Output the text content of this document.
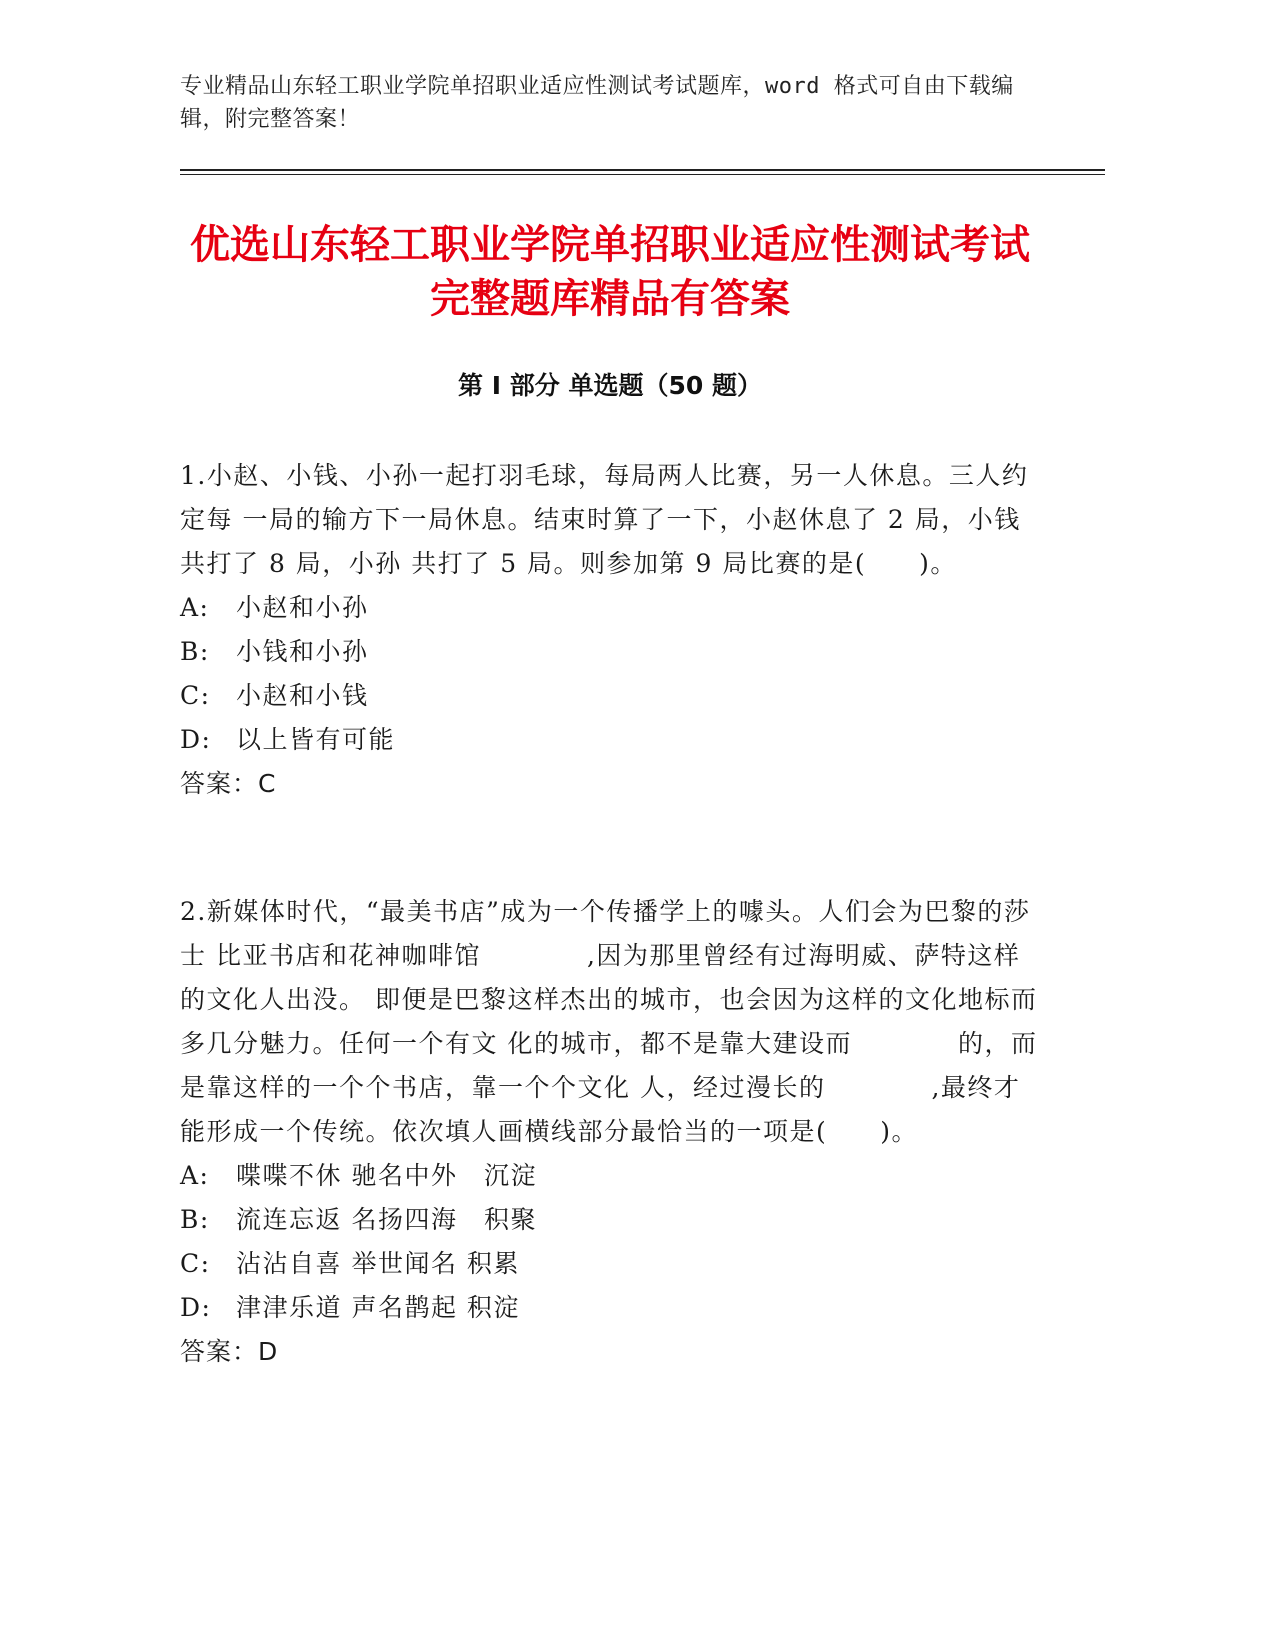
专业精品山东轻工职业学院单招职业适应性测试考试题库，word 格式可自由下载编辑，附完整答案！
优选山东轻工职业学院单招职业适应性测试考试完整题库精品有答案
第 I 部分 单选题（50 题）
1.小赵、小钱、小孙一起打羽毛球，每局两人比赛，另一人休息。三人约定每 一局的输方下一局休息。结束时算了一下，小赵休息了 2 局，小钱共打了 8 局，小孙 共打了 5 局。则参加第 9 局比赛的是(　　)。
A:	小赵和小孙
B:	小钱和小孙
C:	小赵和小钱
D: 以上皆有可能
答案：C
2.新媒体时代，“最美书店”成为一个传播学上的噱头。人们会为巴黎的莎士 比亚书店和花神咖啡馆　　　　,因为那里曾经有过海明威、萨特这样的文化人出没。 即便是巴黎这样杰出的城市，也会因为这样的文化地标而多几分魅力。任何一个有文 化的城市，都不是靠大建设而　　　　的，而是靠这样的一个个书店，靠一个个文化 人，经过漫长的　　　　,最终才能形成一个传统。依次填人画横线部分最恰当的一项是(　　)。
A:	喋喋不休 驰名中外　沉淀
B:	流连忘返 名扬四海　积聚
C:	沾沾自喜 举世闻名 积累
D: 津津乐道 声名鹊起 积淀
答案：D
